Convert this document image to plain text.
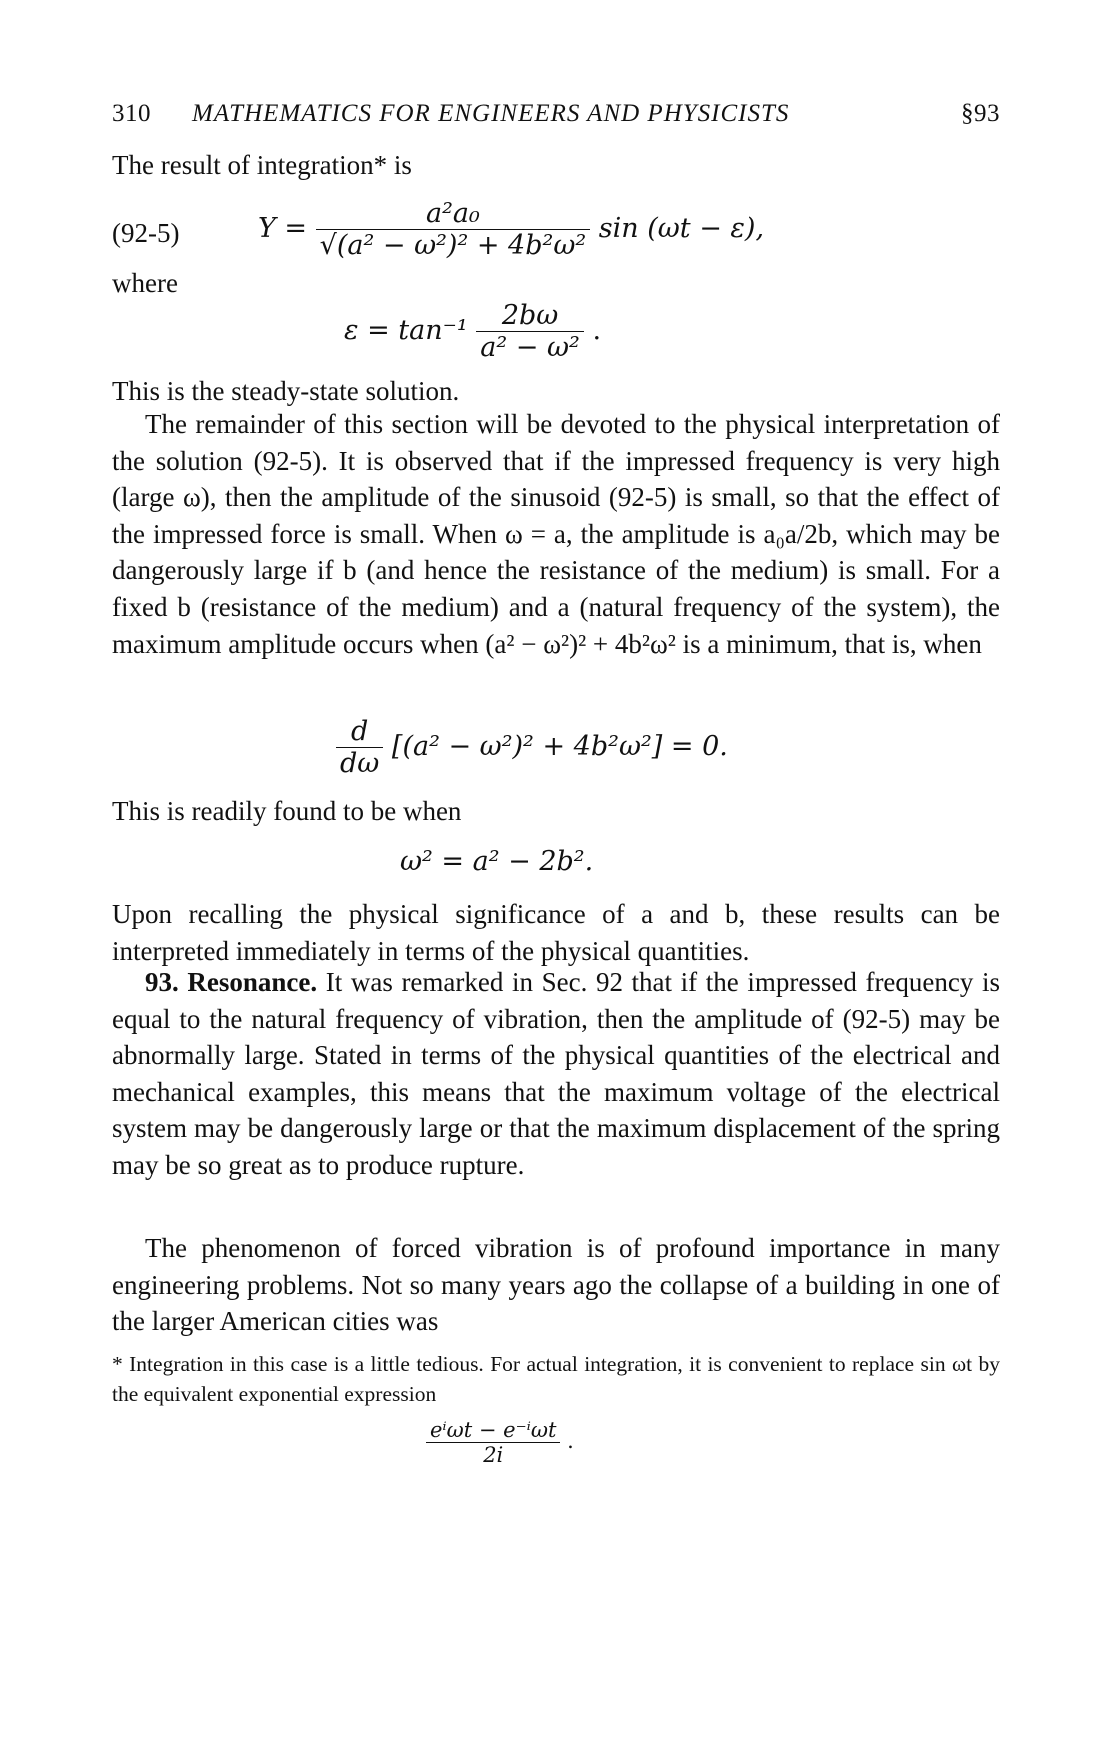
310 MATHEMATICS FOR ENGINEERS AND PHYSICISTS	§93
The result of integration* is
(92-5)	$Y = \frac{\text{a²a₀}}{\text{√(a² − ω²)² + 4b²ω²}}$ sin (ωt − ε),
where
$\varepsilon = \tan^{-1} \frac{2b\omega}{\text{a² − ω²}}$ .
This is the steady-state solution.
The remainder of this section will be devoted to the physical interpretation of the solution (92-5). It is observed that if the impressed frequency is very high (large ω), then the amplitude of the sinusoid (92-5) is small, so that the effect of the impressed force is small. When ω = a, the amplitude is a₀a/2b, which may be dangerously large if b (and hence the resistance of the medium) is small. For a fixed b (resistance of the medium) and a (natural frequency of the system), the maximum amplitude occurs when (a² − ω²)² + 4b²ω² is a minimum, that is, when
$\frac{d}{d\omega} [(a^2 - \omega^2)^2 + 4b^2\omega^2] = 0$.
This is readily found to be when
ω² = a² − 2b².
Upon recalling the physical significance of a and b, these results can be interpreted immediately in terms of the physical quantities.
93. Resonance. It was remarked in Sec. 92 that if the impressed frequency is equal to the natural frequency of vibration, then the amplitude of (92-5) may be abnormally large. Stated in terms of the physical quantities of the electrical and mechanical examples, this means that the maximum voltage of the electrical system may be dangerously large or that the maximum displacement of the spring may be so great as to produce rupture.
The phenomenon of forced vibration is of profound importance in many engineering problems. Not so many years ago the collapse of a building in one of the larger American cities was
* Integration in this case is a little tedious. For actual integration, it is convenient to replace sin ωt by the equivalent exponential expression
$\frac{\text{eⁱωt − e⁻ⁱωt}}{2i}$ .
